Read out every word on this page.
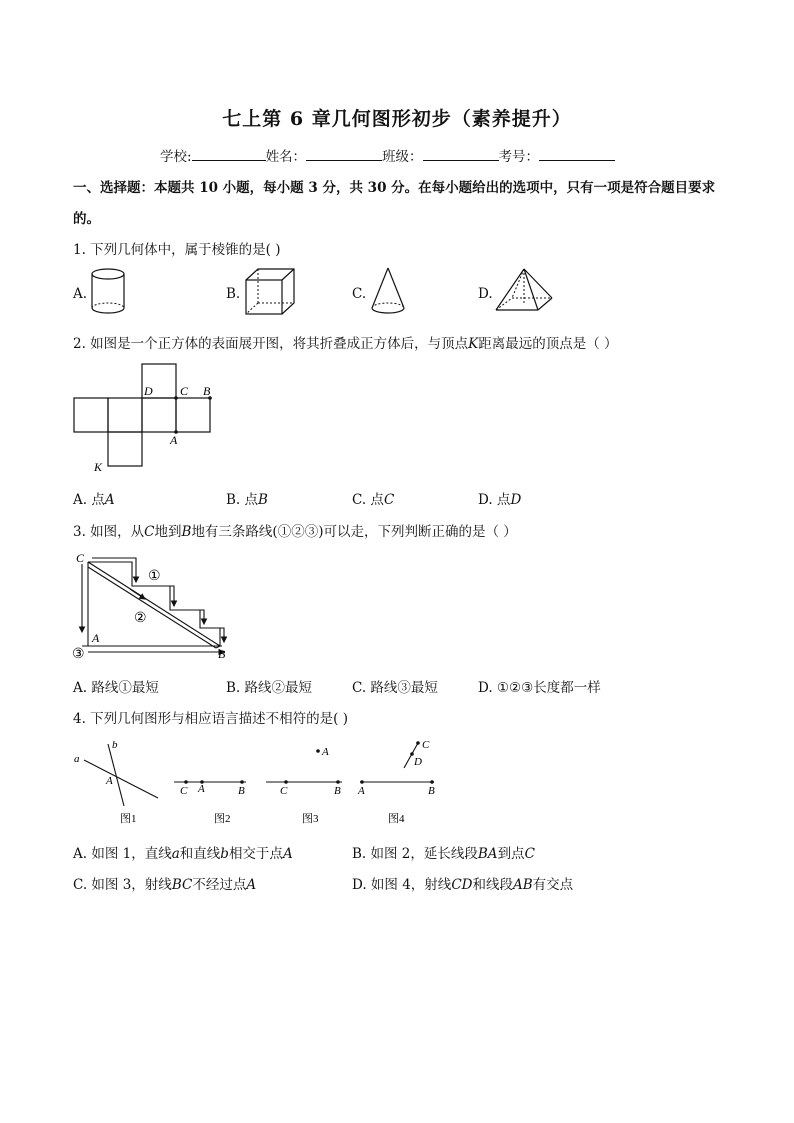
七上第 6 章几何图形初步（素养提升）
学校:	姓名：	班级：	考号：
一、选择题：本题共 10 小题，每小题 3 分，共 30 分。在每小题给出的选项中，只有一项是符合题目要求
的。
1. 下列几何体中，属于棱锥的是( )
A.	B.	C.	D.
2. 如图是一个正方体的表面展开图，将其折叠成正方体后，与顶点K距离最远的顶点是（ ）
D C B
A
K
A. 点A	B. 点B	C. 点C	D. 点D
3. 如图，从C地到B地有三条路线(①②③)可以走，下列判断正确的是（ ）
C
①
②
A
③	B
A. 路线①最短	B. 路线②最短	C. 路线③最短	D. ①②③长度都一样
4. 下列几何图形与相应语言描述不相符的是( )
b
a
A
图1
C A	B
图2
A
C	B
图3
C
D
A	B
图4
A. 如图 1，直线a和直线b相交于点A	B. 如图 2，延长线段BA到点C
C. 如图 3，射线BC不经过点A	D. 如图 4，射线CD和线段AB有交点
